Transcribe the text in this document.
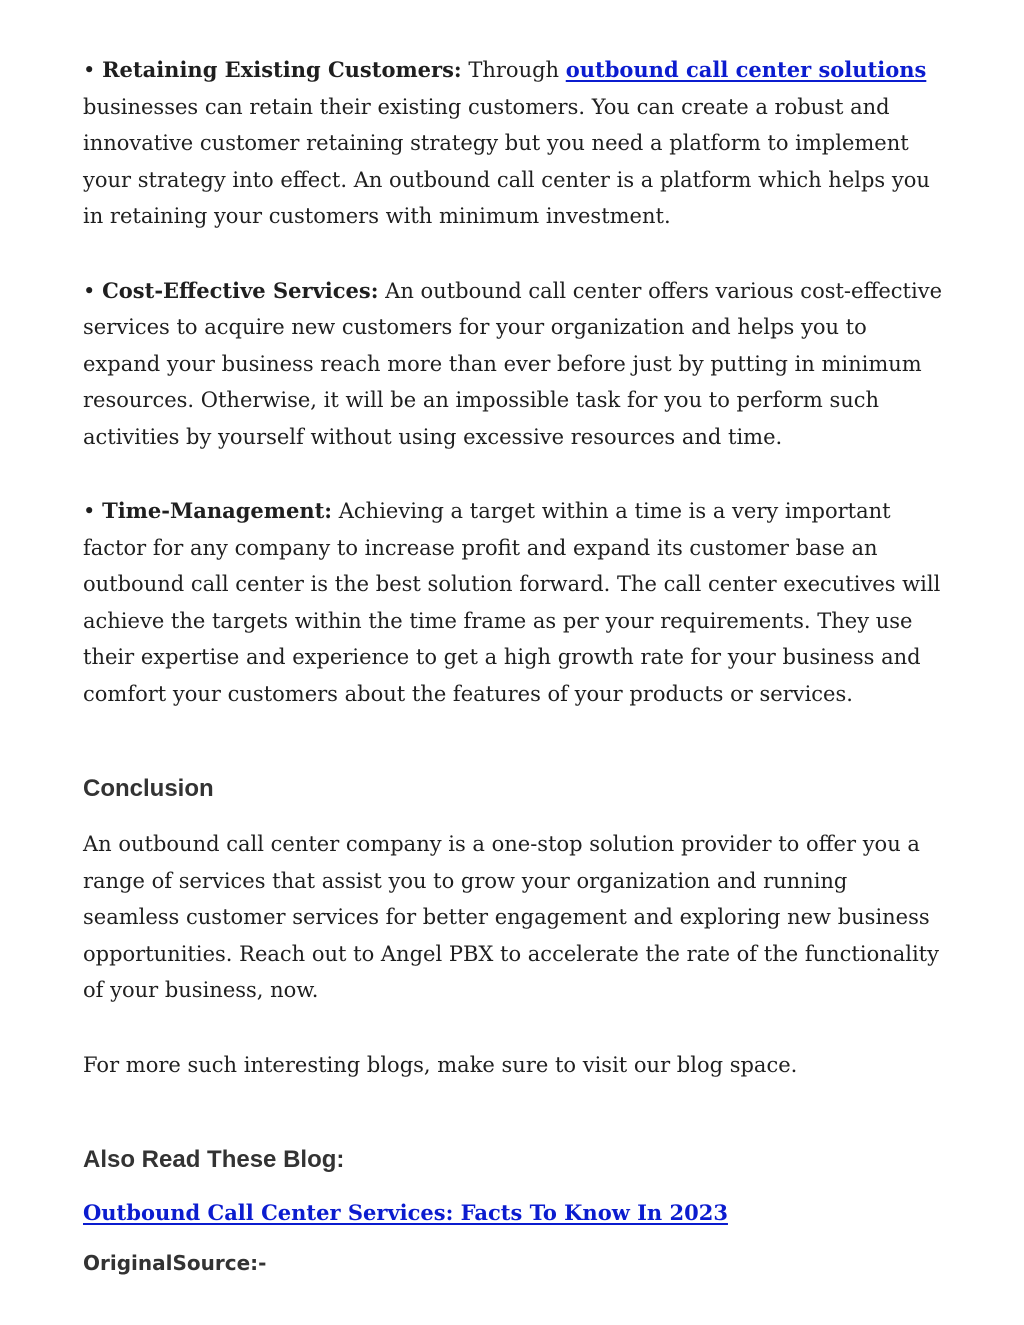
• Retaining Existing Customers: Through outbound call center solutions businesses can retain their existing customers. You can create a robust and innovative customer retaining strategy but you need a platform to implement your strategy into effect. An outbound call center is a platform which helps you in retaining your customers with minimum investment.

• Cost-Effective Services: An outbound call center offers various cost-effective services to acquire new customers for your organization and helps you to expand your business reach more than ever before just by putting in minimum resources. Otherwise, it will be an impossible task for you to perform such activities by yourself without using excessive resources and time.

• Time-Management: Achieving a target within a time is a very important factor for any company to increase profit and expand its customer base an outbound call center is the best solution forward. The call center executives will achieve the targets within the time frame as per your requirements. They use their expertise and experience to get a high growth rate for your business and comfort your customers about the features of your products or services.

Conclusion

An outbound call center company is a one-stop solution provider to offer you a range of services that assist you to grow your organization and running seamless customer services for better engagement and exploring new business opportunities. Reach out to Angel PBX to accelerate the rate of the functionality of your business, now.

For more such interesting blogs, make sure to visit our blog space.

Also Read These Blog:

Outbound Call Center Services: Facts To Know In 2023

OriginalSource:-
